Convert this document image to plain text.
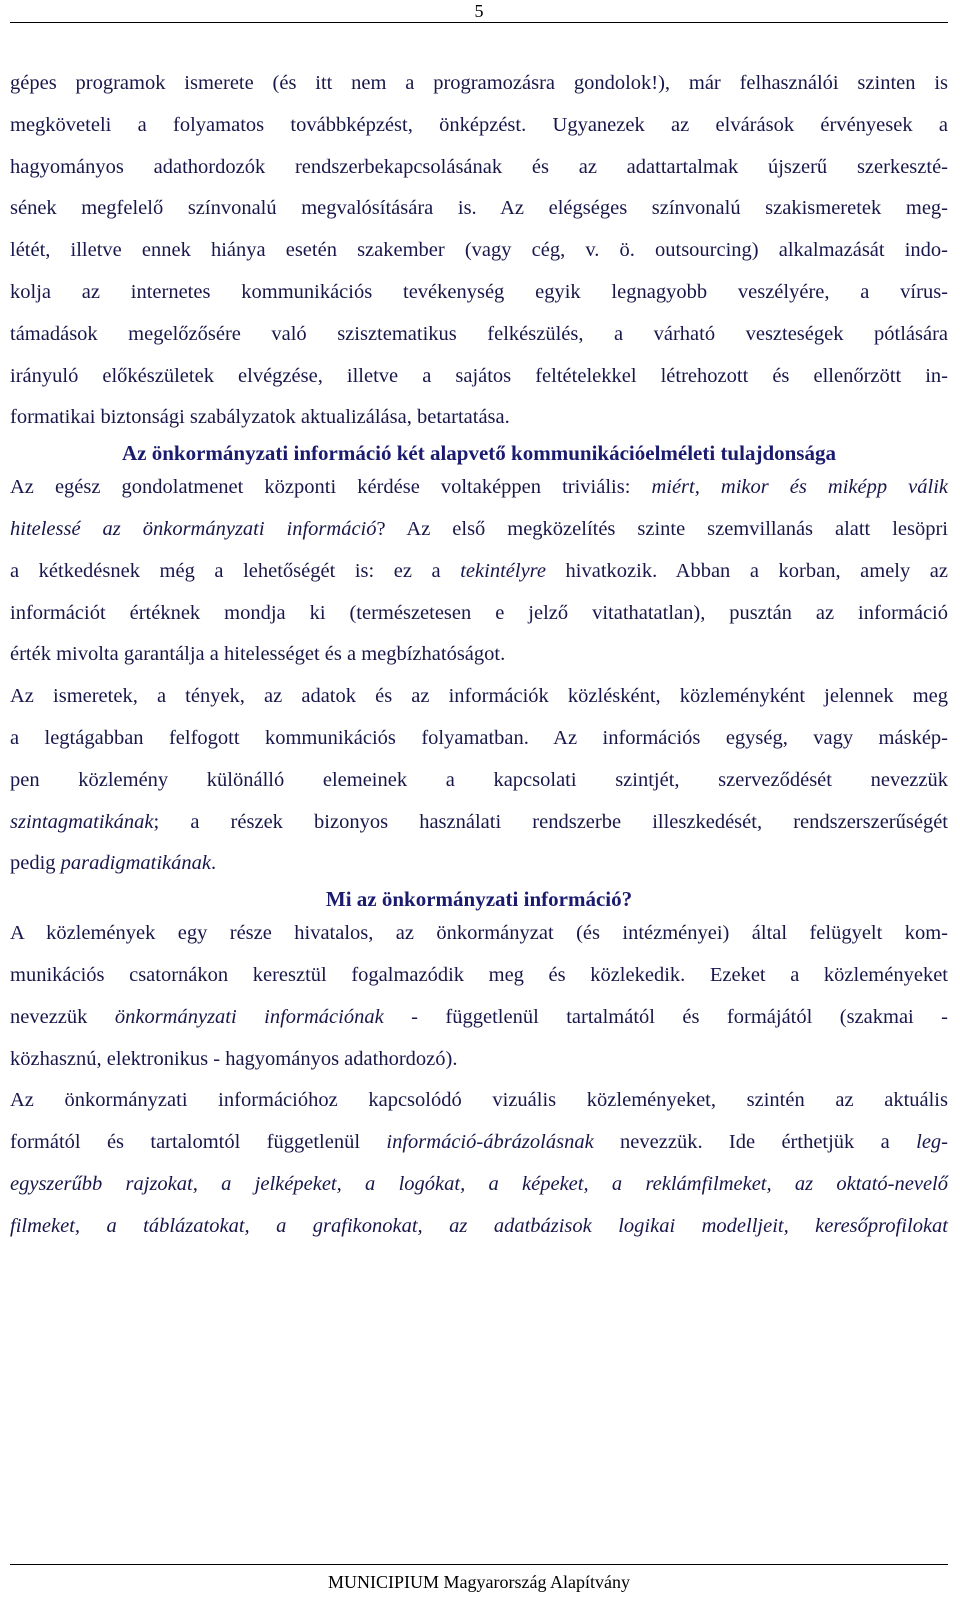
5

gépes programok ismerete (és itt nem a programozásra gondolok!), már felhasználói szinten is
megköveteli a folyamatos továbbképzést, önképzést. Ugyanezek az elvárások érvényesek a
hagyományos adathordozók rendszerbekapcsolásának és az adattartalmak újszerű szerkeszté-
sének megfelelő színvonalú megvalósítására is. Az elégséges színvonalú szakismeretek meg-
létét, illetve ennek hiánya esetén szakember (vagy cég, v. ö. outsourcing) alkalmazását indo-
kolja az internetes kommunikációs tevékenység egyik legnagyobb veszélyére, a vírus-
támadások megelőzősére való szisztematikus felkészülés, a várható veszteségek pótlására
irányuló előkészületek elvégzése, illetve a sajátos feltételekkel létrehozott és ellenőrzött in-
formatikai biztonsági szabályzatok aktualizálása, betartatása.

Az önkormányzati információ két alapvető kommunikációelméleti tulajdonsága

Az egész gondolatmenet központi kérdése voltaképpen triviális: miért, mikor és miképp válik
hitelessé az önkormányzati információ? Az első megközelítés szinte szemvillanás alatt lesöpri
a kétkedésnek még a lehetőségét is: ez a tekintélyre hivatkozik. Abban a korban, amely az
információt értéknek mondja ki (természetesen e jelző vitathatatlan), pusztán az információ
érték mivolta garantálja a hitelességet és a megbízhatóságot.

Az ismeretek, a tények, az adatok és az információk közlésként, közleményként jelennek meg
a legtágabban felfogott kommunikációs folyamatban. Az információs egység, vagy máskép-
pen közlemény különálló elemeinek a kapcsolati szintjét, szerveződését nevezzük
szintagmatikának; a részek bizonyos használati rendszerbe illeszkedését, rendszerszerűségét
pedig paradigmatikának.

Mi az önkormányzati információ?

A közlemények egy része hivatalos, az önkormányzat (és intézményei) által felügyelt kom-
munikációs csatornákon keresztül fogalmazódik meg és közlekedik. Ezeket a közleményeket
nevezzük önkormányzati információnak - függetlenül tartalmától és formájától (szakmai -
közhasznú, elektronikus - hagyományos adathordozó).

Az önkormányzati információhoz kapcsolódó vizuális közleményeket, szintén az aktuális
formától és tartalomtól függetlenül információ-ábrázolásnak nevezzük. Ide érthetjük a leg-
egyszerűbb rajzokat, a jelképeket, a logókat, a képeket, a reklámfilmeket, az oktató-nevelő
filmeket, a táblázatokat, a grafikonokat, az adatbázisok logikai modelljeit, keresőprofilokat

MUNICIPIUM Magyarország Alapítvány
